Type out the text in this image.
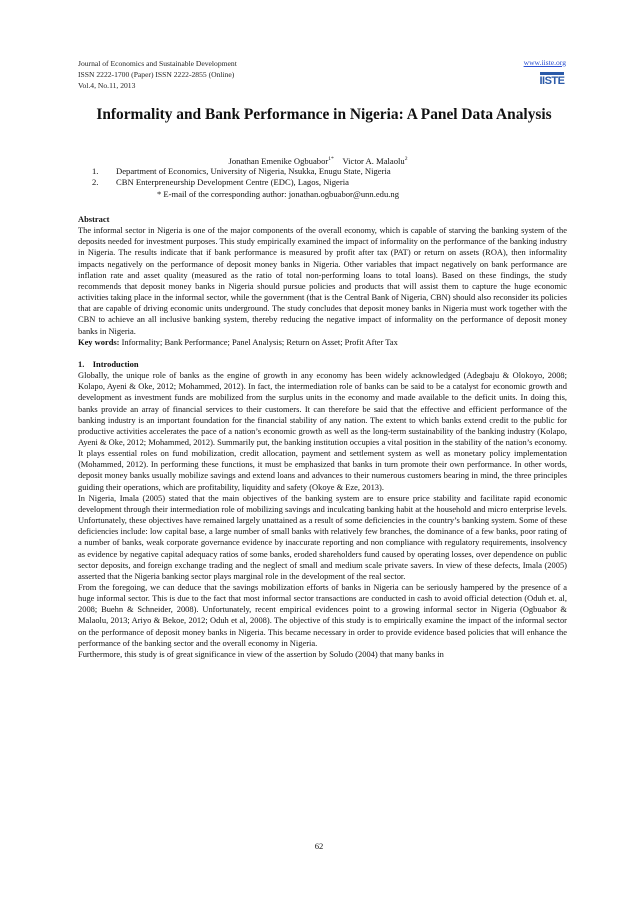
Journal of Economics and Sustainable Development
ISSN 2222-1700 (Paper) ISSN 2222-2855 (Online)
Vol.4, No.11, 2013
www.iiste.org
IISTE
Informality and Bank Performance in Nigeria: A Panel Data Analysis
Jonathan Emenike Ogbuabor$^{1*}$ Victor A. Malaolu$^2$
1. Department of Economics, University of Nigeria, Nsukka, Enugu State, Nigeria
2. CBN Enterpreneurship Development Centre (EDC), Lagos, Nigeria
* E-mail of the corresponding author: jonathan.ogbuabor@unn.edu.ng

Abstract

The informal sector in Nigeria is one of the major components of the overall economy, which is capable of starving the banking system of the deposits needed for investment purposes. This study empirically examined the impact of informality on the performance of the banking industry in Nigeria. The results indicate that if bank performance is measured by profit after tax (PAT) or return on assets (ROA), then informality impacts negatively on the performance of deposit money banks in Nigeria. Other variables that impact negatively on bank performance are inflation rate and asset quality (measured as the ratio of total non-performing loans to total loans). Based on these findings, the study recommends that deposit money banks in Nigeria should pursue policies and products that will assist them to capture the huge economic activities taking place in the informal sector, while the government (that is the Central Bank of Nigeria, CBN) should also reconsider its policies that are capable of driving economic units underground. The study concludes that deposit money banks in Nigeria must work together with the CBN to achieve an all inclusive banking system, thereby reducing the negative impact of informality on the performance of deposit money banks in Nigeria.

Key words: Informality; Bank Performance; Panel Analysis; Return on Asset; Profit After Tax

1.    Introduction

Globally, the unique role of banks as the engine of growth in any economy has been widely acknowledged (Adegbaju & Olokoyo, 2008; Kolapo, Ayeni & Oke, 2012; Mohammed, 2012). In fact, the intermediation role of banks can be said to be a catalyst for economic growth and development as investment funds are mobilized from the surplus units in the economy and made available to the deficit units. In doing this, banks provide an array of financial services to their customers. It can therefore be said that the effective and efficient performance of the banking industry is an important foundation for the financial stability of any nation. The extent to which banks extend credit to the public for productive activities accelerates the pace of a nation’s economic growth as well as the long-term sustainability of the banking industry (Kolapo, Ayeni & Oke, 2012; Mohammed, 2012). Summarily put, the banking institution occupies a vital position in the stability of the nation’s economy. It plays essential roles on fund mobilization, credit allocation, payment and settlement system as well as monetary policy implementation (Mohammed, 2012). In performing these functions, it must be emphasized that banks in turn promote their own performance. In other words, deposit money banks usually mobilize savings and extend loans and advances to their numerous customers bearing in mind, the three principles guiding their operations, which are profitability, liquidity and safety (Okoye & Eze, 2013).

In Nigeria, Imala (2005) stated that the main objectives of the banking system are to ensure price stability and facilitate rapid economic development through their intermediation role of mobilizing savings and inculcating banking habit at the household and micro enterprise levels. Unfortunately, these objectives have remained largely unattained as a result of some deficiencies in the country’s banking system. Some of these deficiencies include: low capital base, a large number of small banks with relatively few branches, the dominance of a few banks, poor rating of a number of banks, weak corporate governance evidence by inaccurate reporting and non compliance with regulatory requirements, insolvency as evidence by negative capital adequacy ratios of some banks, eroded shareholders fund caused by operating losses, over dependence on public sector deposits, and foreign exchange trading and the neglect of small and medium scale private savers. In view of these defects, Imala (2005) asserted that the Nigeria banking sector plays marginal role in the development of the real sector.

From the foregoing, we can deduce that the savings mobilization efforts of banks in Nigeria can be seriously hampered by the presence of a huge informal sector. This is due to the fact that most informal sector transactions are conducted in cash to avoid official detection (Oduh et. al, 2008; Buehn & Schneider, 2008). Unfortunately, recent empirical evidences point to a growing informal sector in Nigeria (Ogbuabor & Malaolu, 2013; Ariyo & Bekoe, 2012; Oduh et al, 2008). The objective of this study is to empirically examine the impact of the informal sector on the performance of deposit money banks in Nigeria. This became necessary in order to provide evidence based policies that will enhance the performance of the banking sector and the overall economy in Nigeria.

Furthermore, this study is of great significance in view of the assertion by Soludo (2004) that many banks in

62
